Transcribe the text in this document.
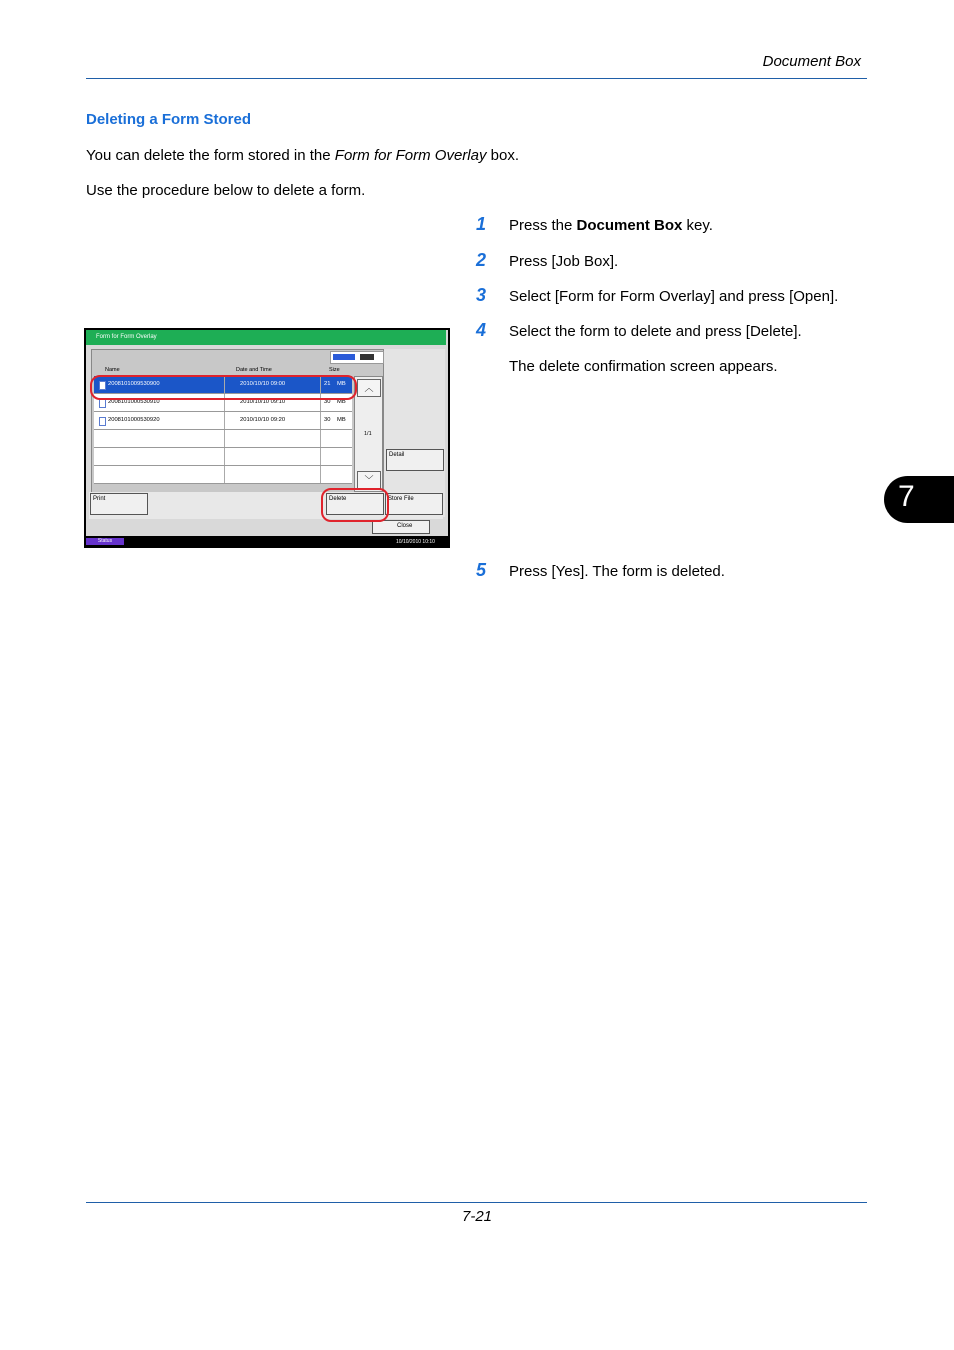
Document Box
Deleting a Form Stored
You can delete the form stored in the Form for Form Overlay box.
Use the procedure below to delete a form.
1 Press the Document Box key.
2 Press [Job Box].
3 Select [Form for Form Overlay] and press [Open].
4 Select the form to delete and press [Delete].
The delete confirmation screen appears.
5 Press [Yes]. The form is deleted.
7
Form for Form Overlay
Name	Date and Time	Size
2008101009530900	2010/10/10 09:00	21 MB
2008101000530910	2010/10/10 09:10	30 MB
2008101000530920	2010/10/10 09:20	30 MB
︿
1/1
﹀
Detail
Print	Delete	Store File
Close
Status	10/10/2010 10:10
7-21
